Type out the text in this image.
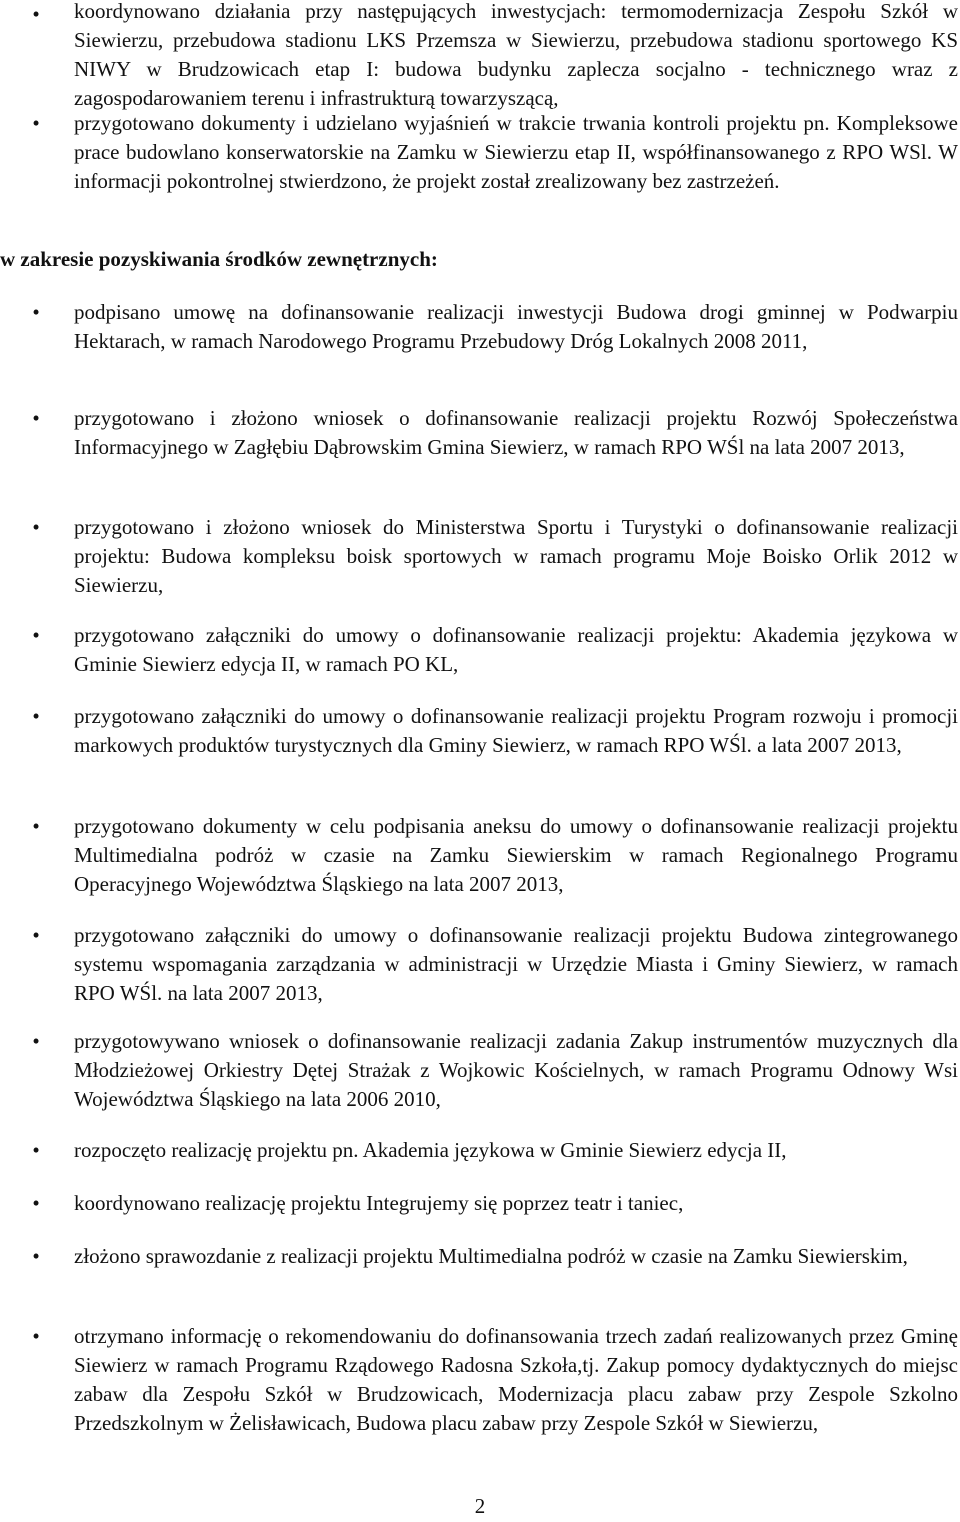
•	koordynowano działania przy następujących inwestycjach: termomodernizacja Zespołu Szkół w Siewierzu, przebudowa stadionu LKS Przemsza w Siewierzu, przebudowa stadionu sportowego KS NIWY w Brudzowicach etap I: budowa budynku zaplecza socjalno - technicznego wraz z zagospodarowaniem terenu i infrastrukturą towarzyszącą,
•	przygotowano dokumenty i udzielano wyjaśnień w trakcie trwania kontroli projektu pn. Kompleksowe prace budowlano konserwatorskie na Zamku w Siewierzu etap II, współfinansowanego z RPO WSl. W informacji pokontrolnej stwierdzono, że projekt został zrealizowany bez zastrzeżeń.
w zakresie pozyskiwania środków zewnętrznych:
•	podpisano umowę na dofinansowanie realizacji inwestycji Budowa drogi gminnej w Podwarpiu Hektarach, w ramach Narodowego Programu Przebudowy Dróg Lokalnych 2008 2011,
•	przygotowano i złożono wniosek o dofinansowanie realizacji projektu Rozwój Społeczeństwa Informacyjnego w Zagłębiu Dąbrowskim Gmina Siewierz, w ramach RPO WŚl na lata 2007 2013,
•	przygotowano i złożono wniosek do Ministerstwa Sportu i Turystyki o dofinansowanie realizacji projektu: Budowa kompleksu boisk sportowych w ramach programu Moje Boisko Orlik 2012 w Siewierzu,
•	przygotowano załączniki do umowy o dofinansowanie realizacji projektu: Akademia językowa w Gminie Siewierz edycja II, w ramach PO KL,
•	przygotowano załączniki do umowy o dofinansowanie realizacji projektu Program rozwoju i promocji markowych produktów turystycznych dla Gminy Siewierz, w ramach RPO WŚl. a lata 2007 2013,
•	przygotowano dokumenty w celu podpisania aneksu do umowy o dofinansowanie realizacji projektu Multimedialna podróż w czasie na Zamku Siewierskim w ramach Regionalnego Programu Operacyjnego Województwa Śląskiego na lata 2007 2013,
•	przygotowano załączniki do umowy o dofinansowanie realizacji projektu Budowa zintegrowanego systemu wspomagania zarządzania w administracji w Urzędzie Miasta i Gminy Siewierz, w ramach RPO WŚl. na lata 2007 2013,
•	przygotowywano wniosek o dofinansowanie realizacji zadania Zakup instrumentów muzycznych dla Młodzieżowej Orkiestry Dętej Strażak z Wojkowic Kościelnych, w ramach Programu Odnowy Wsi Województwa Śląskiego na lata 2006 2010,
•	rozpoczęto realizację projektu pn. Akademia językowa w Gminie Siewierz edycja II,
•	koordynowano realizację projektu Integrujemy się poprzez teatr i taniec,
•	złożono sprawozdanie z realizacji projektu Multimedialna podróż w czasie na Zamku Siewierskim,
•	otrzymano informację o rekomendowaniu do dofinansowania trzech zadań realizowanych przez Gminę Siewierz w ramach Programu Rządowego Radosna Szkoła,tj. Zakup pomocy dydaktycznych do miejsc zabaw dla Zespołu Szkół w Brudzowicach, Modernizacja placu zabaw przy Zespole Szkolno Przedszkolnym w Żelisławicach, Budowa placu zabaw przy Zespole Szkół w Siewierzu,
2
